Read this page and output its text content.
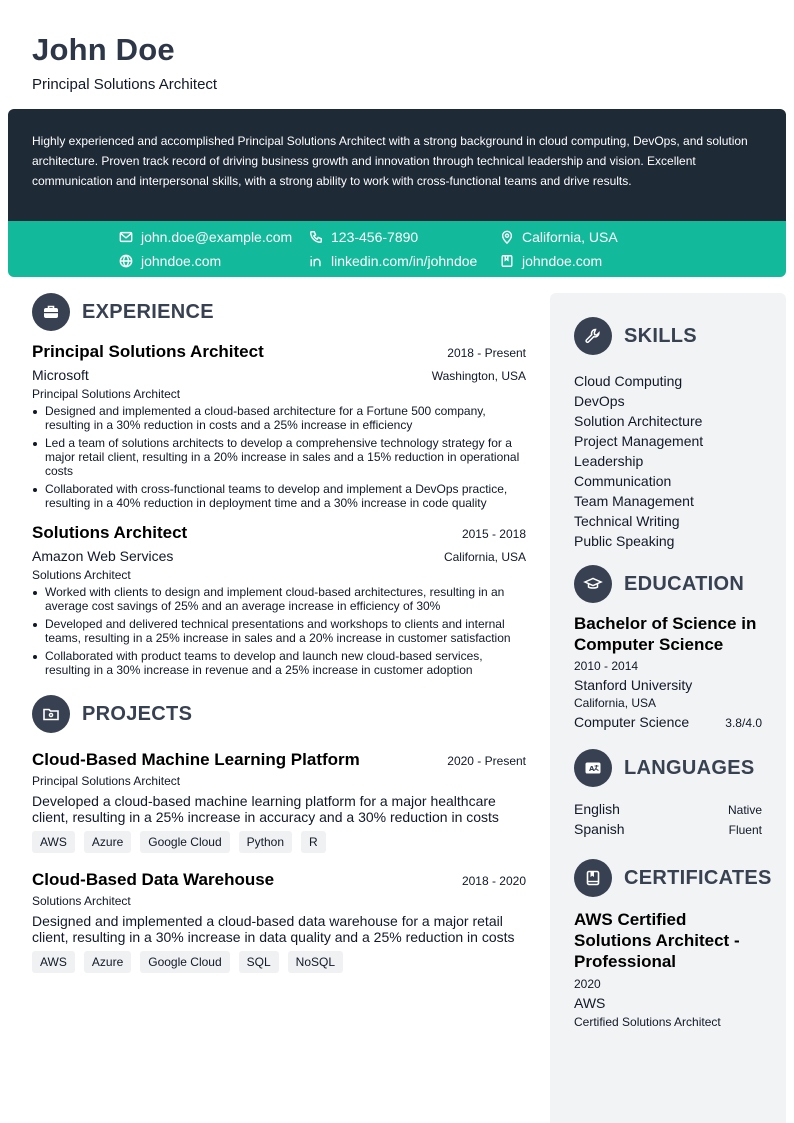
John Doe
Principal Solutions Architect

Highly experienced and accomplished Principal Solutions Architect with a strong background in cloud computing, DevOps, and solution architecture. Proven track record of driving business growth and innovation through technical leadership and vision. Excellent communication and interpersonal skills, with a strong ability to work with cross-functional teams and drive results.

john.doe@example.com	123-456-7890	California, USA
johndoe.com	linkedin.com/in/johndoe	johndoe.com
EXPERIENCE
Principal Solutions Architect	2018 - Present
Microsoft	Washington, USA
Principal Solutions Architect
Designed and implemented a cloud-based architecture for a Fortune 500 company, resulting in a 30% reduction in costs and a 25% increase in efficiency
Led a team of solutions architects to develop a comprehensive technology strategy for a major retail client, resulting in a 20% increase in sales and a 15% reduction in operational costs
Collaborated with cross-functional teams to develop and implement a DevOps practice, resulting in a 40% reduction in deployment time and a 30% increase in code quality
Solutions Architect	2015 - 2018
Amazon Web Services	California, USA
Solutions Architect
Worked with clients to design and implement cloud-based architectures, resulting in an average cost savings of 25% and an average increase in efficiency of 30%
Developed and delivered technical presentations and workshops to clients and internal teams, resulting in a 25% increase in sales and a 20% increase in customer satisfaction
Collaborated with product teams to develop and launch new cloud-based services, resulting in a 30% increase in revenue and a 25% increase in customer adoption
PROJECTS
Cloud-Based Machine Learning Platform	2020 - Present
Principal Solutions Architect
Developed a cloud-based machine learning platform for a major healthcare client, resulting in a 25% increase in accuracy and a 30% reduction in costs
AWS	Azure	Google Cloud	Python	R
Cloud-Based Data Warehouse	2018 - 2020
Solutions Architect
Designed and implemented a cloud-based data warehouse for a major retail client, resulting in a 30% increase in data quality and a 25% reduction in costs
AWS	Azure	Google Cloud	SQL	NoSQL
SKILLS
Cloud Computing
DevOps
Solution Architecture
Project Management
Leadership
Communication
Team Management
Technical Writing
Public Speaking
EDUCATION
Bachelor of Science in Computer Science
2010 - 2014
Stanford University
California, USA
Computer Science	3.8/4.0
A LANGUAGES
English	Native
Spanish	Fluent
CERTIFICATES
AWS Certified Solutions Architect - Professional
2020
AWS
Certified Solutions Architect
